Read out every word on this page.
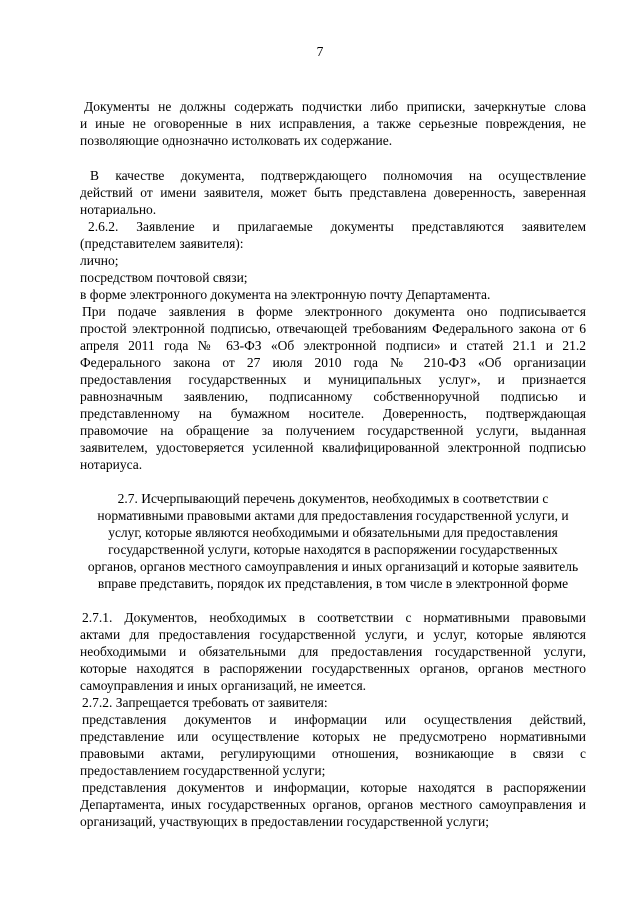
7
Документы не должны содержать подчистки либо приписки, зачеркнутые слова
и иные не оговоренные в них исправления, а также серьезные повреждения, не
позволяющие однозначно истолковать их содержание.
В качестве документа, подтверждающего полномочия на осуществление
действий от имени заявителя, может быть представлена доверенность, заверенная
нотариально.
2.6.2. Заявление и прилагаемые документы представляются заявителем
(представителем заявителя):
лично;
посредством почтовой связи;
в форме электронного документа на электронную почту Департамента.
При подаче заявления в форме электронного документа оно подписывается
простой электронной подписью, отвечающей требованиям Федерального закона от 6
апреля 2011 года № 63-ФЗ «Об электронной подписи» и статей 21.1 и 21.2
Федерального закона от 27 июля 2010 года № 210-ФЗ «Об организации
предоставления государственных и муниципальных услуг», и признается
равнозначным заявлению, подписанному собственноручной подписью и
представленному на бумажном носителе. Доверенность, подтверждающая
правомочие на обращение за получением государственной услуги, выданная
заявителем, удостоверяется усиленной квалифицированной электронной подписью
нотариуса.
2.7. Исчерпывающий перечень документов, необходимых в соответствии с
нормативными правовыми актами для предоставления государственной услуги, и
услуг, которые являются необходимыми и обязательными для предоставления
государственной услуги, которые находятся в распоряжении государственных
органов, органов местного самоуправления и иных организаций и которые заявитель
вправе представить, порядок их представления, в том числе в электронной форме
2.7.1. Документов, необходимых в соответствии с нормативными правовыми
актами для предоставления государственной услуги, и услуг, которые являются
необходимыми и обязательными для предоставления государственной услуги,
которые находятся в распоряжении государственных органов, органов местного
самоуправления и иных организаций, не имеется.
2.7.2. Запрещается требовать от заявителя:
представления документов и информации или осуществления действий,
представление или осуществление которых не предусмотрено нормативными
правовыми актами, регулирующими отношения, возникающие в связи с
предоставлением государственной услуги;
представления документов и информации, которые находятся в распоряжении
Департамента, иных государственных органов, органов местного самоуправления и
организаций, участвующих в предоставлении государственной услуги;
